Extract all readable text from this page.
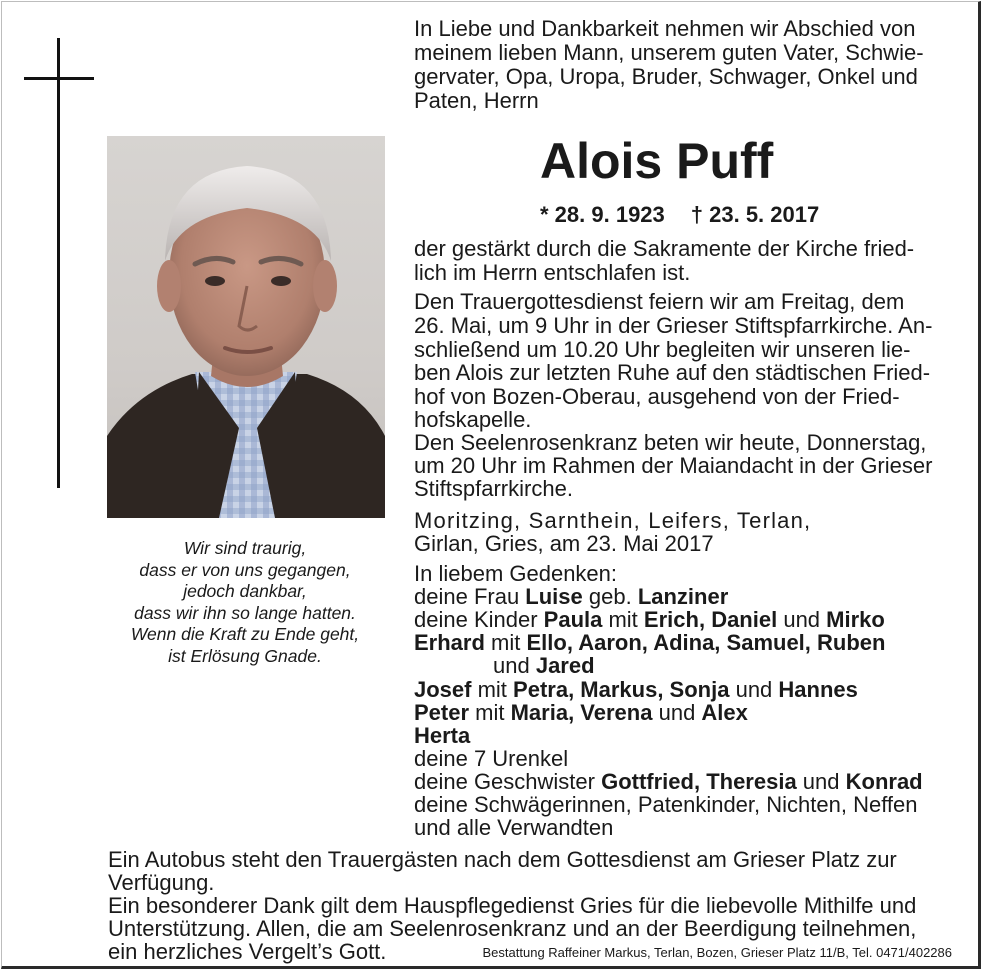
In Liebe und Dankbarkeit nehmen wir Abschied von
meinem lieben Mann, unserem guten Vater, Schwie-
gervater, Opa, Uropa, Bruder, Schwager, Onkel und
Paten, Herrn
Alois Puff
* 28. 9. 1923 † 23. 5. 2017
Wir sind traurig,
dass er von uns gegangen,
jedoch dankbar,
dass wir ihn so lange hatten.
Wenn die Kraft zu Ende geht,
ist Erlösung Gnade.
der gestärkt durch die Sakramente der Kirche fried-
lich im Herrn entschlafen ist.
Den Trauergottesdienst feiern wir am Freitag, dem
26. Mai, um 9 Uhr in der Grieser Stiftspfarrkirche. An-
schließend um 10.20 Uhr begleiten wir unseren lie-
ben Alois zur letzten Ruhe auf den städtischen Fried-
hof von Bozen-Oberau, ausgehend von der Fried-
hofskapelle.
Den Seelenrosenkranz beten wir heute, Donnerstag,
um 20 Uhr im Rahmen der Maiandacht in der Grieser
Stiftspfarrkirche.
Moritzing, Sarnthein, Leifers, Terlan,
Girlan, Gries, am 23. Mai 2017
In liebem Gedenken:
deine Frau Luise geb. Lanziner
deine Kinder Paula mit Erich, Daniel und Mirko
Erhard mit Ello, Aaron, Adina, Samuel, Ruben
und Jared
Josef mit Petra, Markus, Sonja und Hannes
Peter mit Maria, Verena und Alex
Herta
deine 7 Urenkel
deine Geschwister Gottfried, Theresia und Konrad
deine Schwägerinnen, Patenkinder, Nichten, Neffen
und alle Verwandten
Ein Autobus steht den Trauergästen nach dem Gottesdienst am Grieser Platz zur
Verfügung.
Ein besonderer Dank gilt dem Hauspflegedienst Gries für die liebevolle Mithilfe und
Unterstützung. Allen, die am Seelenrosenkranz und an der Beerdigung teilnehmen,
ein herzliches Vergelt’s Gott.	Bestattung Raffeiner Markus, Terlan, Bozen, Grieser Platz 11/B, Tel. 0471/402286
